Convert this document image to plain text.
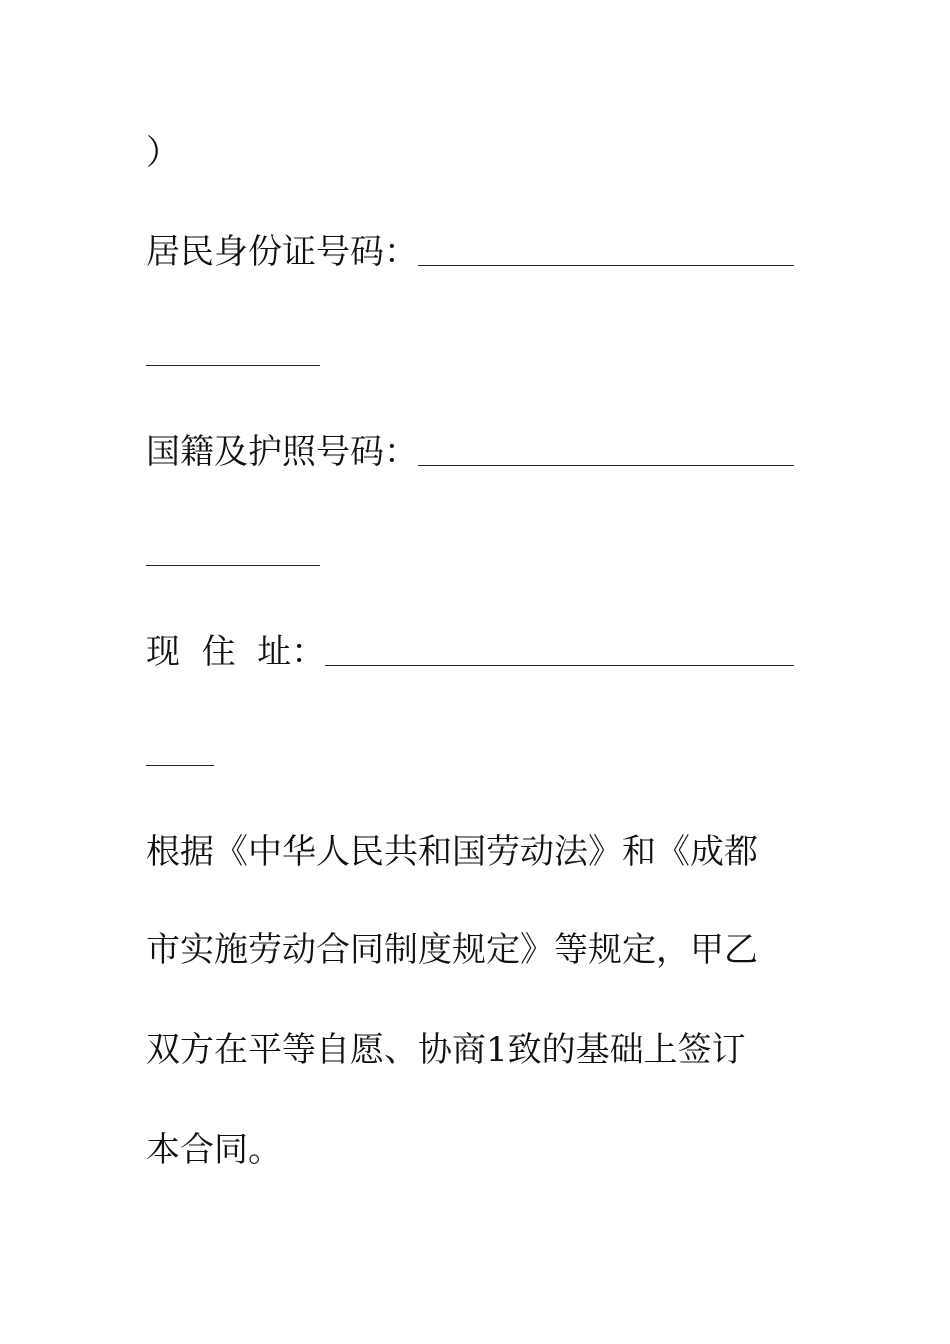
）
居民身份证号码：
国籍及护照号码：
现  住  址：
根据《中华人民共和国劳动法》和《成都
市实施劳动合同制度规定》等规定，甲乙
双方在平等自愿、协商1致的基础上签订
本合同。
